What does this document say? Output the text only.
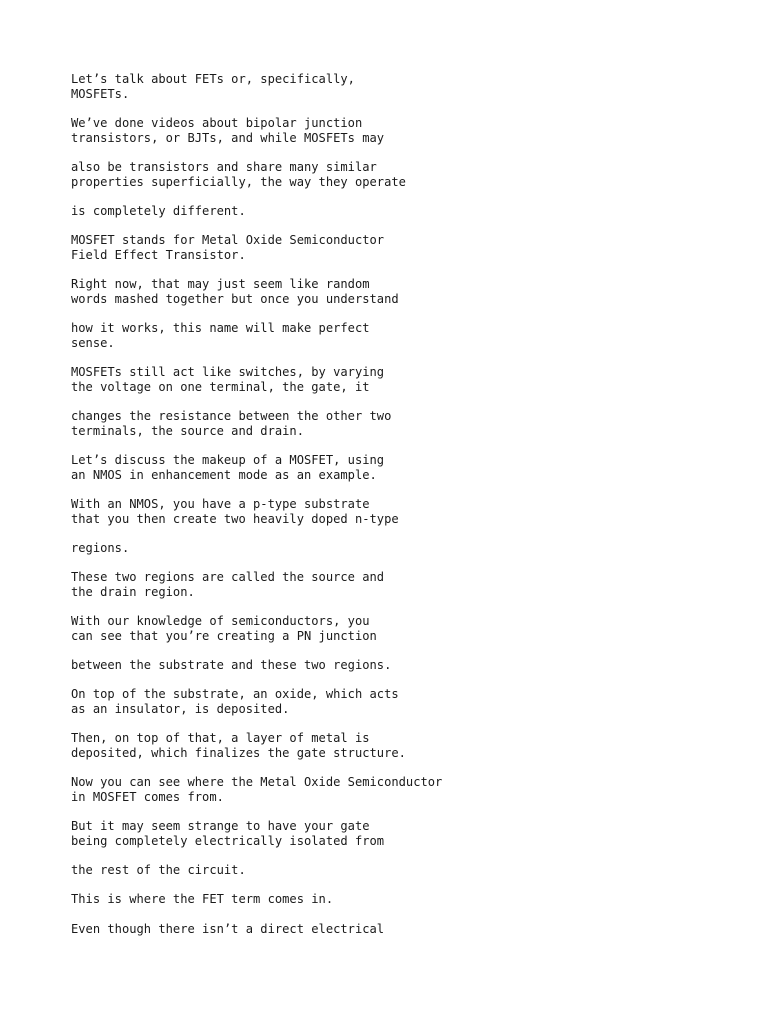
Let’s talk about FETs or, specifically,

MOSFETs.

We’ve done videos about bipolar junction

transistors, or BJTs, and while MOSFETs may

also be transistors and share many similar

properties superficially, the way they operate

is completely different.

MOSFET stands for Metal Oxide Semiconductor

Field Effect Transistor.

Right now, that may just seem like random

words mashed together but once you understand

how it works, this name will make perfect

sense.

MOSFETs still act like switches, by varying

the voltage on one terminal, the gate, it

changes the resistance between the other two

terminals, the source and drain.

Let’s discuss the makeup of a MOSFET, using

an NMOS in enhancement mode as an example.

With an NMOS, you have a p-type substrate

that you then create two heavily doped n-type

regions.

These two regions are called the source and

the drain region.

With our knowledge of semiconductors, you

can see that you’re creating a PN junction

between the substrate and these two regions.

On top of the substrate, an oxide, which acts

as an insulator, is deposited.

Then, on top of that, a layer of metal is

deposited, which finalizes the gate structure.

Now you can see where the Metal Oxide Semiconductor

in MOSFET comes from.

But it may seem strange to have your gate

being completely electrically isolated from

the rest of the circuit.

This is where the FET term comes in.

Even though there isn’t a direct electrical
